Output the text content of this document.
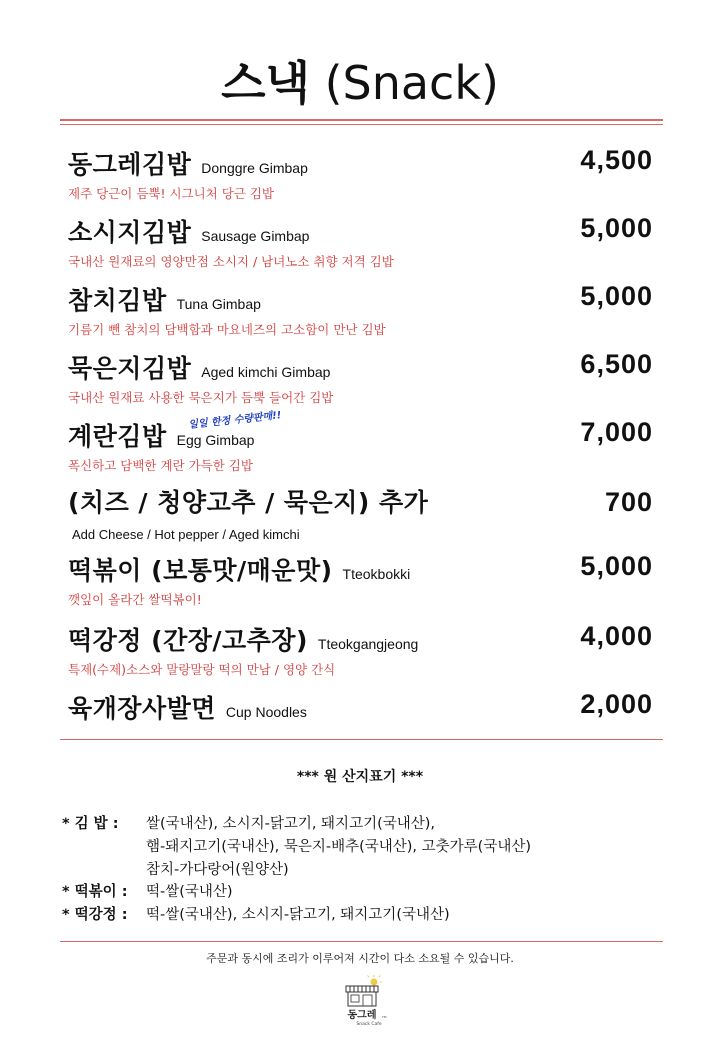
스낵 (Snack)
동그레김밥 Donggre Gimbap	4,500
제주 당근이 듬뿍! 시그니처 당근 김밥
소시지김밥 Sausage Gimbap	5,000
국내산 원재료의 영양만점 소시지 / 남녀노소 취향 저격 김밥
참치김밥 Tuna Gimbap	5,000
기름기 뺀 참치의 담백함과 마요네즈의 고소함이 만난 김밥
묵은지김밥 Aged kimchi Gimbap	6,500
국내산 원재료 사용한 묵은지가 듬뿍 들어간 김밥
일일 한정 수량판매!!
계란김밥 Egg Gimbap	7,000
폭신하고 담백한 계란 가득한 김밥
(치즈 / 청양고추 / 묵은지) 추가	700
Add Cheese / Hot pepper / Aged kimchi
떡볶이 (보통맛/매운맛) Tteokbokki	5,000
깻잎이 올라간 쌀떡볶이!
떡강정 (간장/고추장) Tteokgangjeong	4,000
특제(수제)소스와 말랑말랑 떡의 만남 / 영양 간식
육개장사발면 Cup Noodles	2,000
*** 원 산지표기 ***
* 김 밥 : 쌀(국내산), 소시지-닭고기, 돼지고기(국내산),
햄-돼지고기(국내산), 묵은지-배추(국내산), 고춧가루(국내산)
참치-가다랑어(원양산)
* 떡볶이 : 떡-쌀(국내산)
* 떡강정 : 떡-쌀(국내산), 소시지-닭고기, 돼지고기(국내산)
주문과 동시에 조리가 이루어져 시간이 다소 소요될 수 있습니다.
동그레	TM
Snack Cafe
